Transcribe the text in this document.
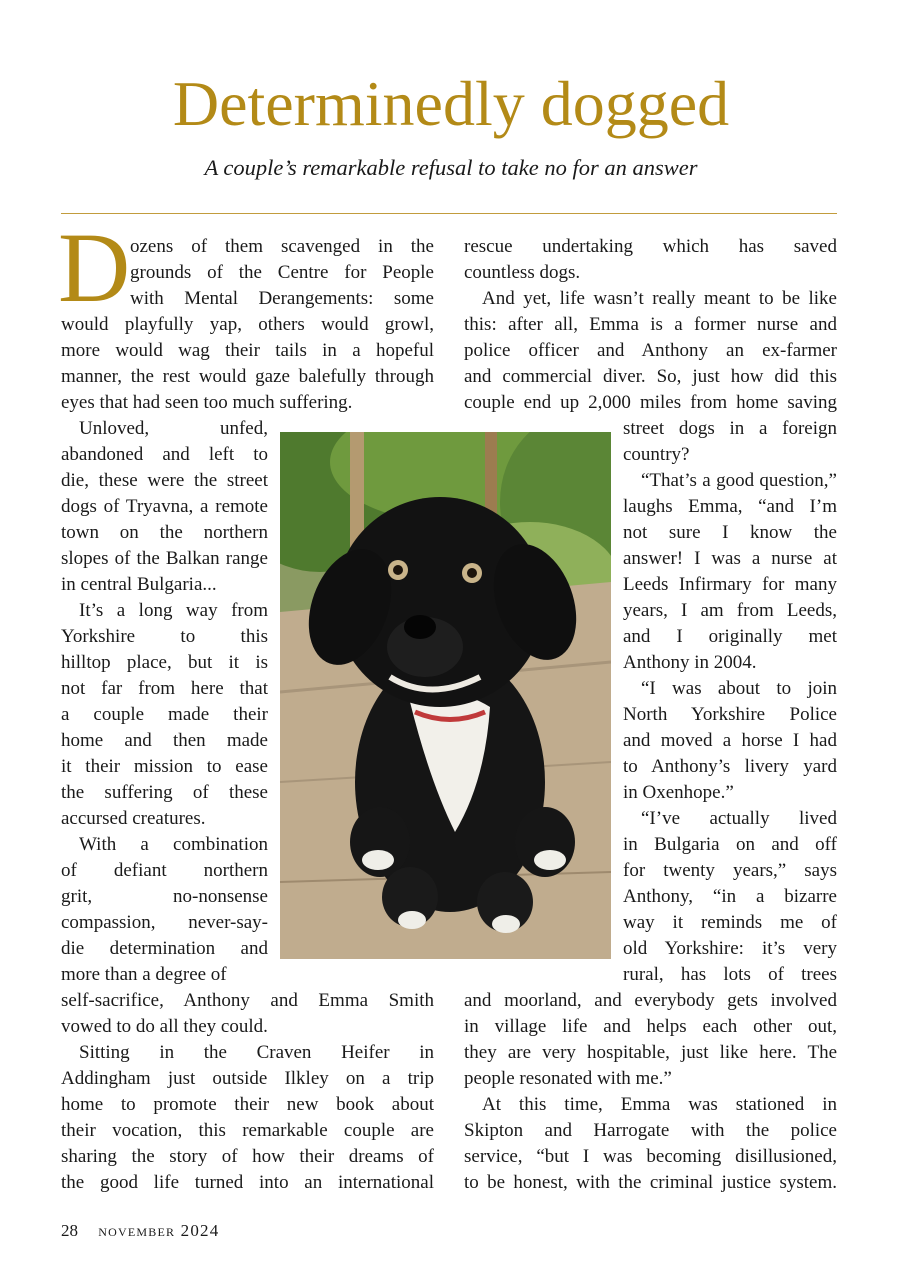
Determinedly dogged
A couple’s remarkable refusal to take no for an answer
D ozens of them scavenged in the
grounds of the Centre for People
with Mental Derangements: some
would playfully yap, others would growl,
more would wag their tails in a hopeful
manner, the rest would gaze balefully through
eyes that had seen too much suffering.
Unloved, unfed,
abandoned and left to
die, these were the street
dogs of Tryavna, a remote
town on the northern
slopes of the Balkan range
in central Bulgaria...
It’s a long way from
Yorkshire to this
hilltop place, but it is
not far from here that
a couple made their
home and then made
it their mission to ease
the suffering of these
accursed creatures.
With a combination
of defiant northern
grit, no-nonsense
compassion, never-say-
die determination and
more than a degree of
self-sacrifice, Anthony and Emma Smith
vowed to do all they could.
Sitting in the Craven Heifer in
Addingham just outside Ilkley on a trip
home to promote their new book about
their vocation, this remarkable couple are
sharing the story of how their dreams of
the good life turned into an international
rescue undertaking which has saved
countless dogs.
And yet, life wasn’t really meant to be like
this: after all, Emma is a former nurse and
police officer and Anthony an ex-farmer
and commercial diver. So, just how did this
couple end up 2,000 miles from home saving
street dogs in a foreign
country?
“That’s a good question,”
laughs Emma, “and I’m
not sure I know the
answer! I was a nurse at
Leeds Infirmary for many
years, I am from Leeds,
and I originally met
Anthony in 2004.
“I was about to join
North Yorkshire Police
and moved a horse I had
to Anthony’s livery yard
in Oxenhope.”
“I’ve actually lived
in Bulgaria on and off
for twenty years,” says
Anthony, “in a bizarre
way it reminds me of
old Yorkshire: it’s very
rural, has lots of trees
and moorland, and everybody gets involved
in village life and helps each other out,
they are very hospitable, just like here. The
people resonated with me.”
At this time, Emma was stationed in
Skipton and Harrogate with the police
service, “but I was becoming disillusioned,
to be honest, with the criminal justice system.
28 november 2024
